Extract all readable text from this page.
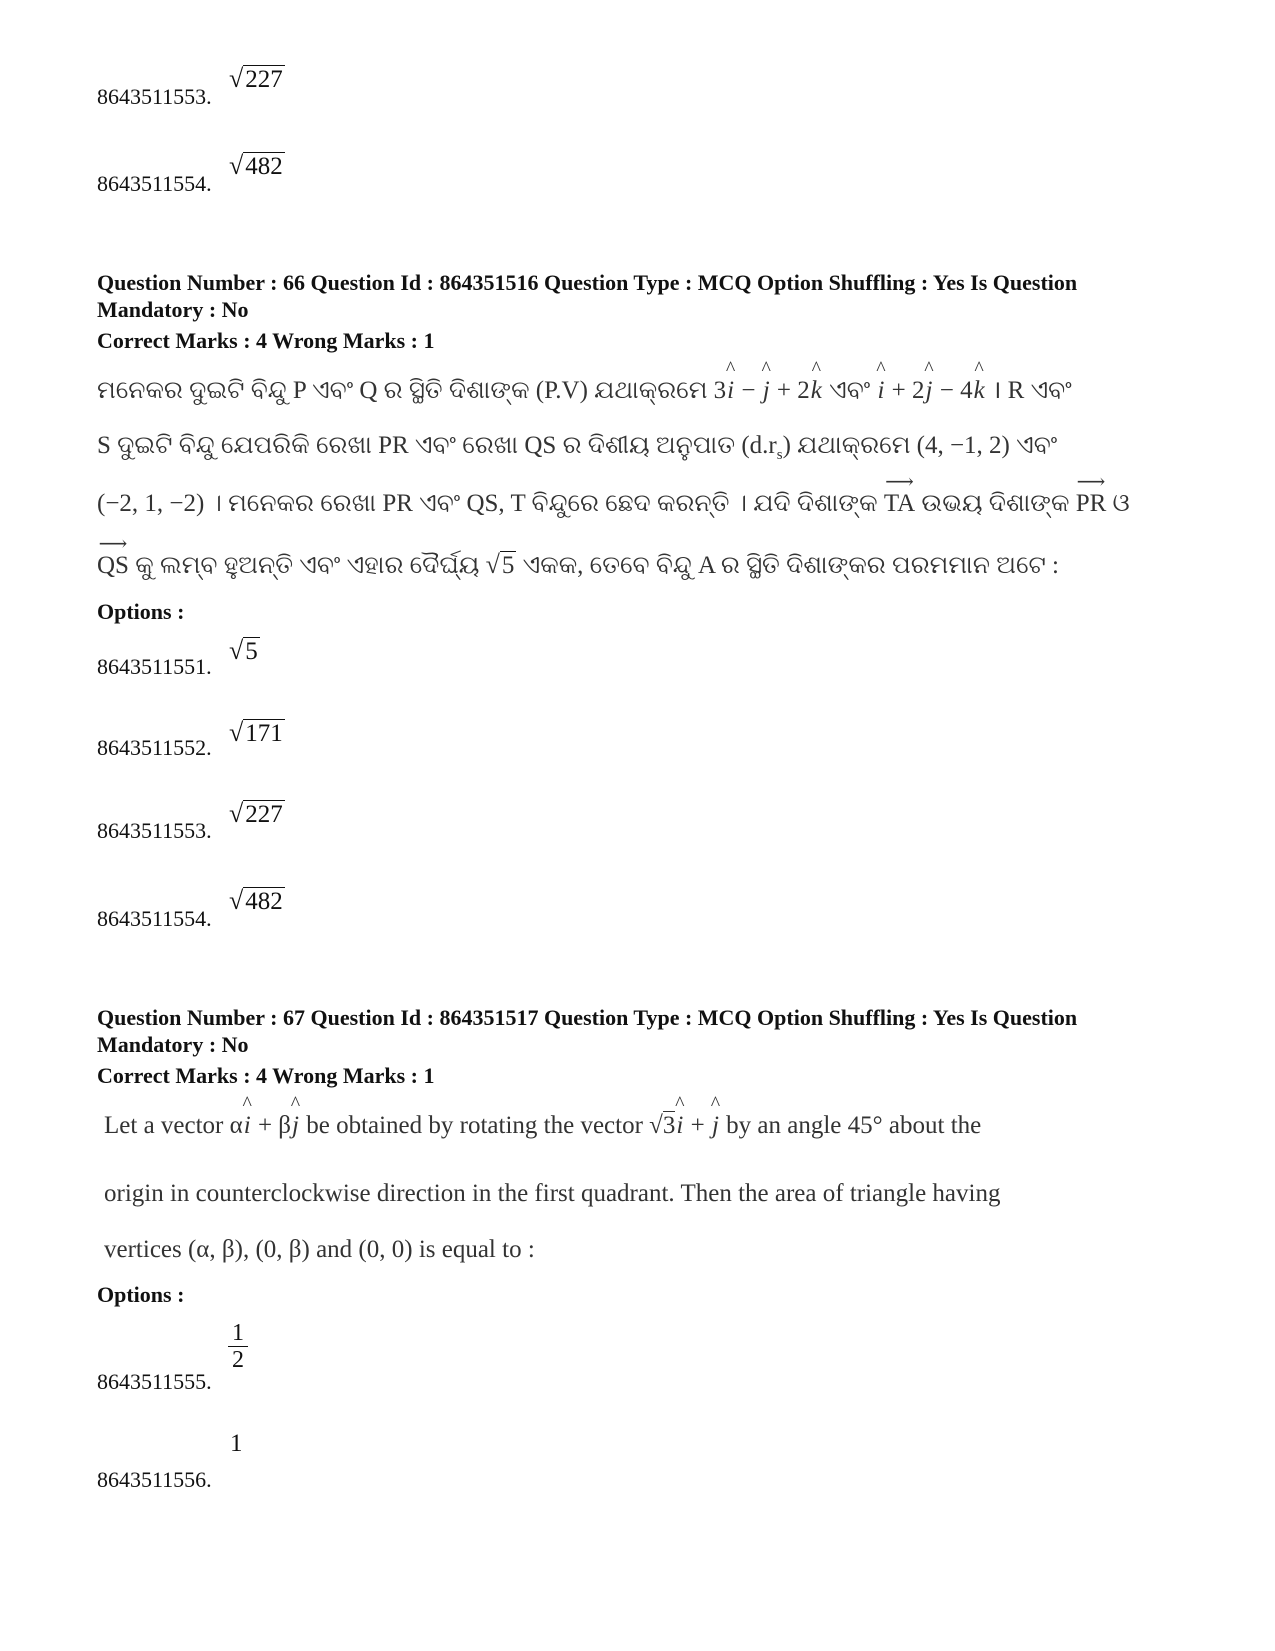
8643511553.
√227
8643511554.
√482
Question Number : 66 Question Id : 864351516 Question Type : MCQ Option Shuffling : Yes Is Question
Mandatory : No
Correct Marks : 4 Wrong Marks : 1
ମନେକର ଦୁଇଟି ବିନ୍ଦୁ P ଏବଂ Q ର ସ୍ଥିତି ଦିଶାଙ୍କ (P.V) ଯଥାକ୍ରମେ 3^ i − ^ j + 2^ k ଏବଂ ^ i + 2^ j − 4^ k । R ଏବଂ
S ଦୁଇଟି ବିନ୍ଦୁ ଯେପରିକି ରେଖା PR ଏବଂ ରେଖା QS ର ଦିଶୀୟ ଅନୁପାତ $(d.r_s)$ ଯଥାକ୍ରମେ (4, −1, 2) ଏବଂ
(−2, 1, −2) । ମନେକର ରେଖା PR ଏବଂ QS, T ବିନ୍ଦୁରେ ଛେଦ କରନ୍ତି । ଯଦି ଦିଶାଙ୍କ ⟶ TA ଉଭୟ ଦିଶାଙ୍କ ⟶ PR ଓ
⟶ QS କୁ ଲମ୍ବ ହୁଅନ୍ତି ଏବଂ ଏହାର ଦୈର୍ଘ୍ୟ √5 ଏକକ, ତେବେ ବିନ୍ଦୁ A ର ସ୍ଥିତି ଦିଶାଙ୍କର ପରମମାନ ଅଟେ :
Options :
8643511551.
√5
8643511552.
√171
8643511553.
√227
8643511554.
√482
Question Number : 67 Question Id : 864351517 Question Type : MCQ Option Shuffling : Yes Is Question
Mandatory : No
Correct Marks : 4 Wrong Marks : 1
Let a vector α^ i + β^ j be obtained by rotating the vector √3^ i + ^ j by an angle 45° about the
origin in counterclockwise direction in the first quadrant. Then the area of triangle having
vertices (α, β), (0, β) and (0, 0) is equal to :
Options :
8643511555.
$\frac{1}{2}$
8643511556.
1
